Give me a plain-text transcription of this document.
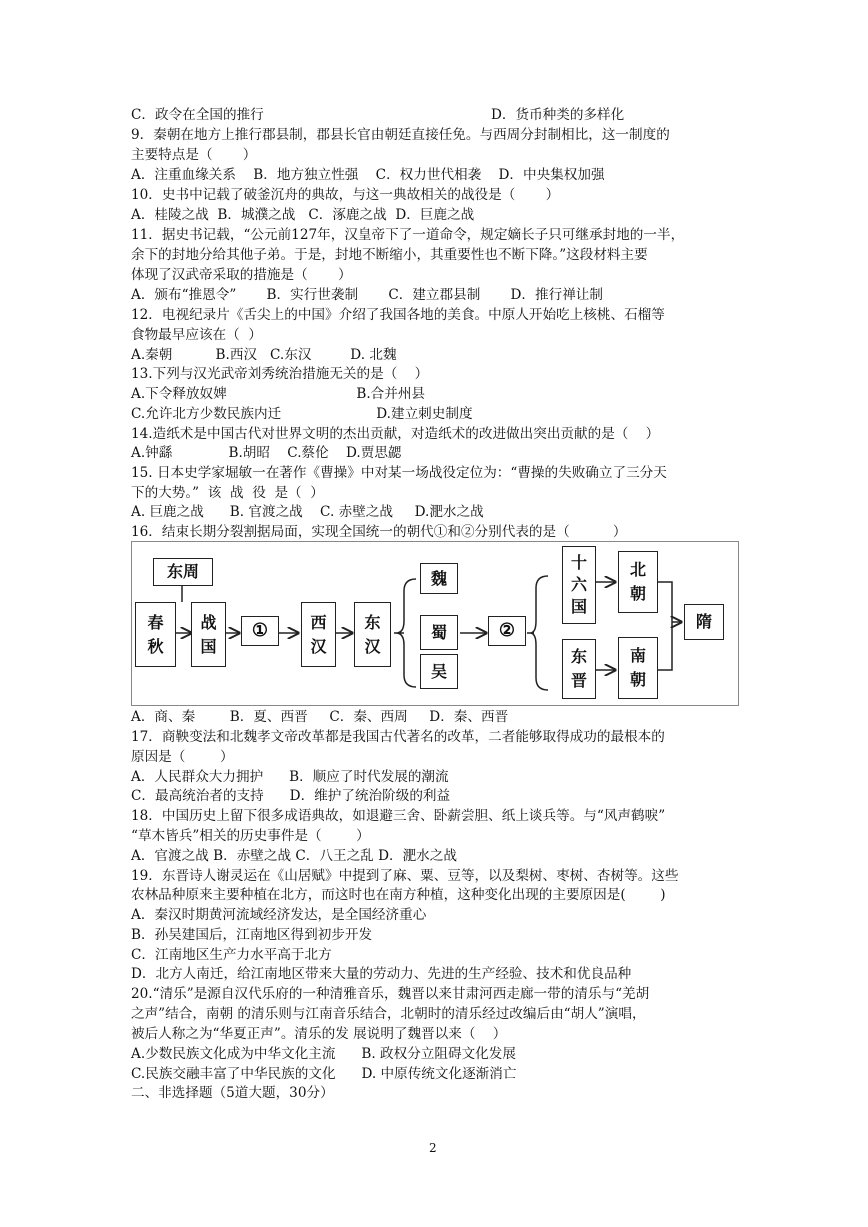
C．政令在全国的推行	D．货币种类的多样化
9．秦朝在地方上推行郡县制，郡县长官由朝廷直接任免。与西周分封制相比，这一制度的
主要特点是（       ）
A．注重血缘关系    B．地方独立性强    C．权力世代相袭    D．中央集权加强
10．史书中记载了破釜沉舟的典故，与这一典故相关的战役是（       ）
A．桂陵之战  B．城濮之战   C．涿鹿之战  D．巨鹿之战
11．据史书记载，“公元前127年，汉皇帝下了一道命令，规定嫡长子只可继承封地的一半，
余下的封地分给其他子弟。于是，封地不断缩小，其重要性也不断下降。”这段材料主要
体现了汉武帝采取的措施是（       ）
A．颁布“推恩令”       B．实行世袭制       C．建立郡县制       D．推行禅让制
12．电视纪录片《舌尖上的中国》介绍了我国各地的美食。中原人开始吃上核桃、石榴等
食物最早应该在（  ）
A.秦朝          B.西汉   C.东汉         D. 北魏
13.下列与汉光武帝刘秀统治措施无关的是（    ）
A.下令释放奴婢                              B.合并州县
C.允许北方少数民族内迁                      D.建立刺史制度
14.造纸术是中国古代对世界文明的杰出贡献，对造纸术的改进做出突出贡献的是（    ）
A.钟繇             B.胡昭    C.蔡伦    D.贾思勰
15. 日本史学家堀敏一在著作《曹操》中对某一场战役定位为：“曹操的失败确立了三分天
下的大势。”  该  战  役  是（  ）
A. 巨鹿之战      B. 官渡之战    C. 赤壁之战     D.淝水之战
16．结束长期分裂割据局面，实现全国统一的朝代①和②分别代表的是（          ）
东周
春
秋
战
国
①	西
汉
东
汉
魏
蜀
吴
②
十
六
国
北
朝
东
晋
南
朝
隋
A．商、秦        B．夏、西晋     C．秦、西周     D．秦、西晋
17．商鞅变法和北魏孝文帝改革都是我国古代著名的改革，二者能够取得成功的最根本的
原因是（        ）
A．人民群众大力拥护      B．顺应了时代发展的潮流
C．最高统治者的支持      D．维护了统治阶级的利益
18．中国历史上留下很多成语典故，如退避三舍、卧薪尝胆、纸上谈兵等。与“风声鹤唳”
“草木皆兵”相关的历史事件是（        ）
A．官渡之战 B．赤壁之战 C．八王之乱 D．淝水之战
19．东晋诗人谢灵运在《山居赋》中提到了麻、粟、豆等，以及梨树、枣树、杏树等。这些
农林品种原来主要种植在北方，而这时也在南方种植，这种变化出现的主要原因是(        )
A．秦汉时期黄河流域经济发达，是全国经济重心
B．孙吴建国后，江南地区得到初步开发
C．江南地区生产力水平高于北方
D．北方人南迁，给江南地区带来大量的劳动力、先进的生产经验、技术和优良品种
20.“清乐”是源自汉代乐府的一种清雅音乐，魏晋以来甘肃河西走廊一带的清乐与“羌胡
之声”结合，南朝 的清乐则与江南音乐结合，北朝时的清乐经过改编后由“胡人”演唱，
被后人称之为“华夏正声”。清乐的发 展说明了魏晋以来（    ）
A.少数民族文化成为中华文化主流      B. 政权分立阻碍文化发展
C.民族交融丰富了中华民族的文化      D. 中原传统文化逐渐消亡
二、非选择题（5道大题，30分）
2
